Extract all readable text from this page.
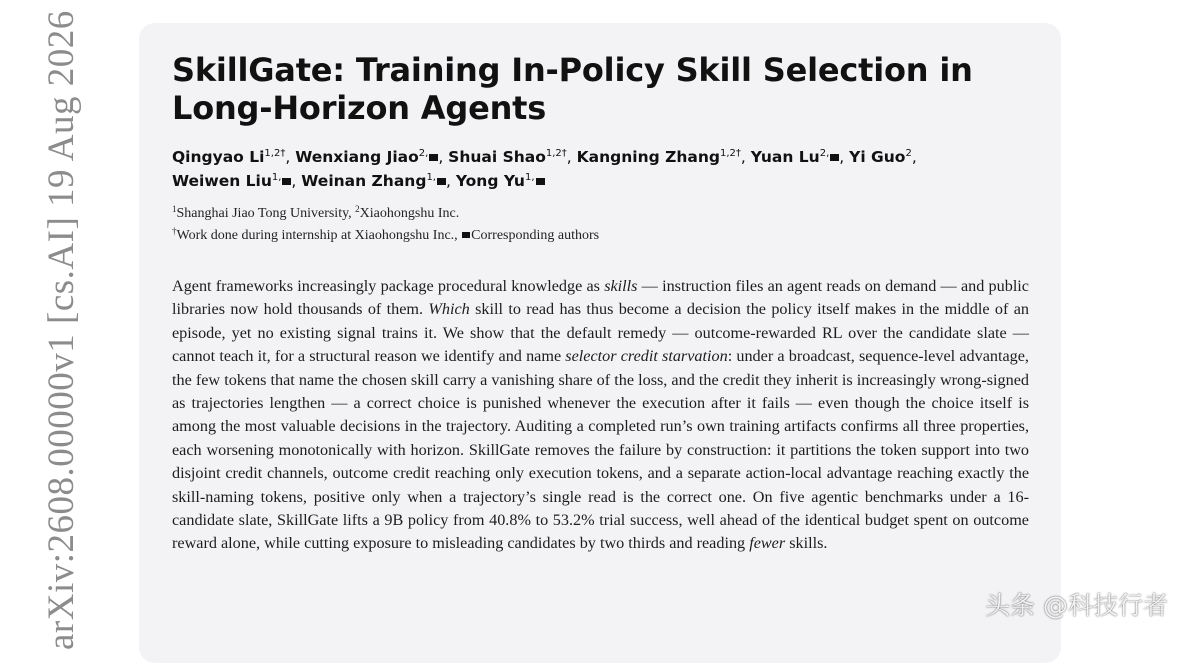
arXiv:2608.00000v1 [cs.AI] 19 Aug 2026	SkillGate: Training In-Policy Skill Selection in Long-Horizon Agents
Qingyao $Li^{1,2\dagger}$, Wenxiang Jiao$^{2,}$ , Shuai Shao$^{1,2\dagger}$, Kangning Zhang$^{1,2\dagger}$, Yuan $Lu^{2,}$ , Yi Guo$^2$,
Weiwen Liu$^{1,}$ , Weinan Zhang$^{1,}$ , Yong $Yu^{1,}$
$^1$Shanghai Jiao Tong University, $^2$Xiaohongshu Inc.
†Work done during internship at Xiaohongshu Inc., Corresponding authors
Agent frameworks increasingly package procedural knowledge as skills — instruction files an agent reads on demand — and public libraries now hold thousands of them. Which skill to read has thus become a decision the policy itself makes in the middle of an episode, yet no existing signal trains it. We show that the default remedy — outcome-rewarded RL over the candidate slate — cannot teach it, for a structural reason we identify and name selector credit starvation: under a broadcast, sequence-level advantage, the few tokens that name the chosen skill carry a vanishing share of the loss, and the credit they inherit is increasingly wrong-signed as trajectories lengthen — a correct choice is punished whenever the execution after it fails — even though the choice itself is among the most valuable decisions in the trajectory. Auditing a completed run’s own training artifacts confirms all three properties, each worsening monotonically with horizon. SkillGate removes the failure by construction: it partitions the token support into two disjoint credit channels, outcome credit reaching only execution tokens, and a separate action-local advantage reaching exactly the skill-naming tokens, positive only when a trajectory’s single read is the correct one. On five agentic benchmarks under a 16-candidate slate, SkillGate lifts a 9B policy from 40.8% to 53.2% trial success, well ahead of the identical budget spent on outcome reward alone, while cutting exposure to misleading candidates by two thirds and reading fewer skills.
头条 @科技行者
